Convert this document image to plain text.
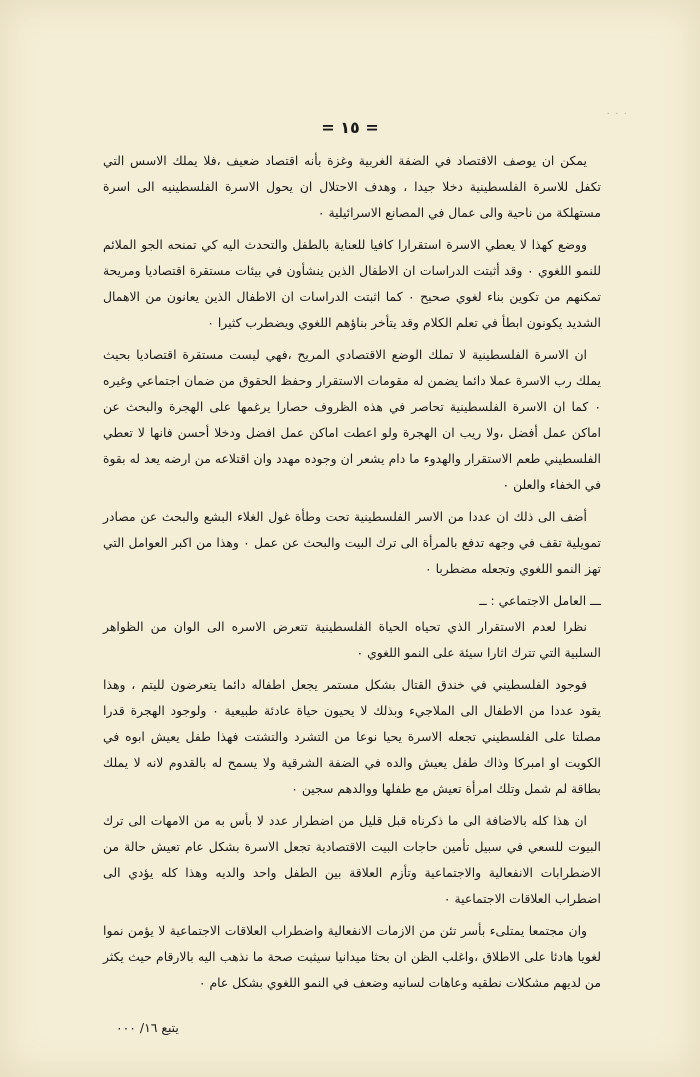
٠ ٠ ٠
= ١٥ =

يمكن ان يوصف الاقتصاد في الضفة الغربية وغزة بأنه اقتصاد ضعيف ،فلا يملك الاسس التي تكفل للاسرة الفلسطينية دخلا جيدا ، وهدف الاحتلال ان يحول الاسرة الفلسطينيه الى اسرة مستهلكة من ناحية والى عمال في المصانع الاسرائيلية ٠

ووضع كهذا لا يعطي الاسرة استقرارا كافيا للعناية بالطفل والتحدث اليه كي تمنحه الجو الملائم للنمو اللغوي ٠ وقد أثبتت الدراسات ان الاطفال الذين ينشأون في بيئات مستقرة اقتصاديا ومريحة تمكنهم من تكوين بناء لغوي صحيح ٠ كما اثبتت الدراسات ان الاطفال الذين يعانون من الاهمال الشديد يكونون ابطأ في تعلم الكلام وقد يتأخر بناؤهم اللغوي ويضطرب كثيرا ٠

ان الاسرة الفلسطينية لا تملك الوضع الاقتصادي المريح ،فهي ليست مستقرة اقتصاديا بحيث يملك رب الاسرة عملا دائما يضمن له مقومات الاستقرار وحفظ الحقوق من ضمان اجتماعي وغيره ٠ كما ان الاسرة الفلسطينية تحاصر في هذه الظروف حصارا يرغمها على الهجرة والبحث عن اماكن عمل أفضل ،ولا ريب ان الهجرة ولو اعطت اماكن عمل افضل ودخلا أحسن فانها لا تعطي الفلسطيني طعم الاستقرار والهدوء ما دام يشعر ان وجوده مهدد وان اقتلاعه من ارضه يعد له بقوة في الخفاء والعلن ٠

أضف الى ذلك ان عددا من الاسر الفلسطينية تحت وطأة غول الغلاء البشع والبحث عن مصادر تمويلية تقف في وجهه تدفع بالمرأة الى ترك البيت والبحث عن عمل ٠ وهذا من اكبر العوامل التي تهز النمو اللغوي وتجعله مضطربا ٠

ـــ العامل الاجتماعي : ــ

نظرا لعدم الاستقرار الذي تحياه الحياة الفلسطينية تتعرض الاسره الى الوان من الظواهر السلبية التي تترك اثارا سيئة على النمو اللغوي ٠

فوجود الفلسطيني في خندق القتال بشكل مستمر يجعل اطفاله دائما يتعرضون لليتم ، وهذا يقود عددا من الاطفال الى الملاجيء وبذلك لا يحيون حياة عادئة طبيعية ٠ ولوجود الهجرة قدرا مصلتا على الفلسطيني تجعله الاسرة يحيا نوعا من التشرد والتشتت فهذا طفل يعيش ابوه في الكويت او امبركا وذاك طفل يعيش والده في الضفة الشرقية ولا يسمح له بالقدوم لانه لا يملك بطاقة لم شمل وتلك امرأة تعيش مع طفلها ووالدهم سجين ٠

ان هذا كله بالاضافة الى ما ذكرناه قبل قليل من اضطرار عدد لا بأس به من الامهات الى ترك البيوت للسعي في سبيل تأمين حاجات البيت الاقتصادية تجعل الاسرة بشكل عام تعيش حالة من الاضطرابات الانفعالية والاجتماعية وتأزم العلاقة بين الطفل واحد والديه وهذا كله يؤدي الى اضطراب العلاقات الاجتماعية ٠

وان مجتمعا يمتلىء بأسر تئن من الازمات الانفعالية واضطراب العلاقات الاجتماعية لا يؤمن نموا لغويا هادئا على الاطلاق ،واغلب الظن ان بحثا ميدانيا سيثبت صحة ما نذهب اليه بالارقام حيث يكثر من لديهم مشكلات نطقيه وعاهات لسانيه وضعف في النمو اللغوي بشكل عام ٠

يتبع ١٦/ ٠٠٠
